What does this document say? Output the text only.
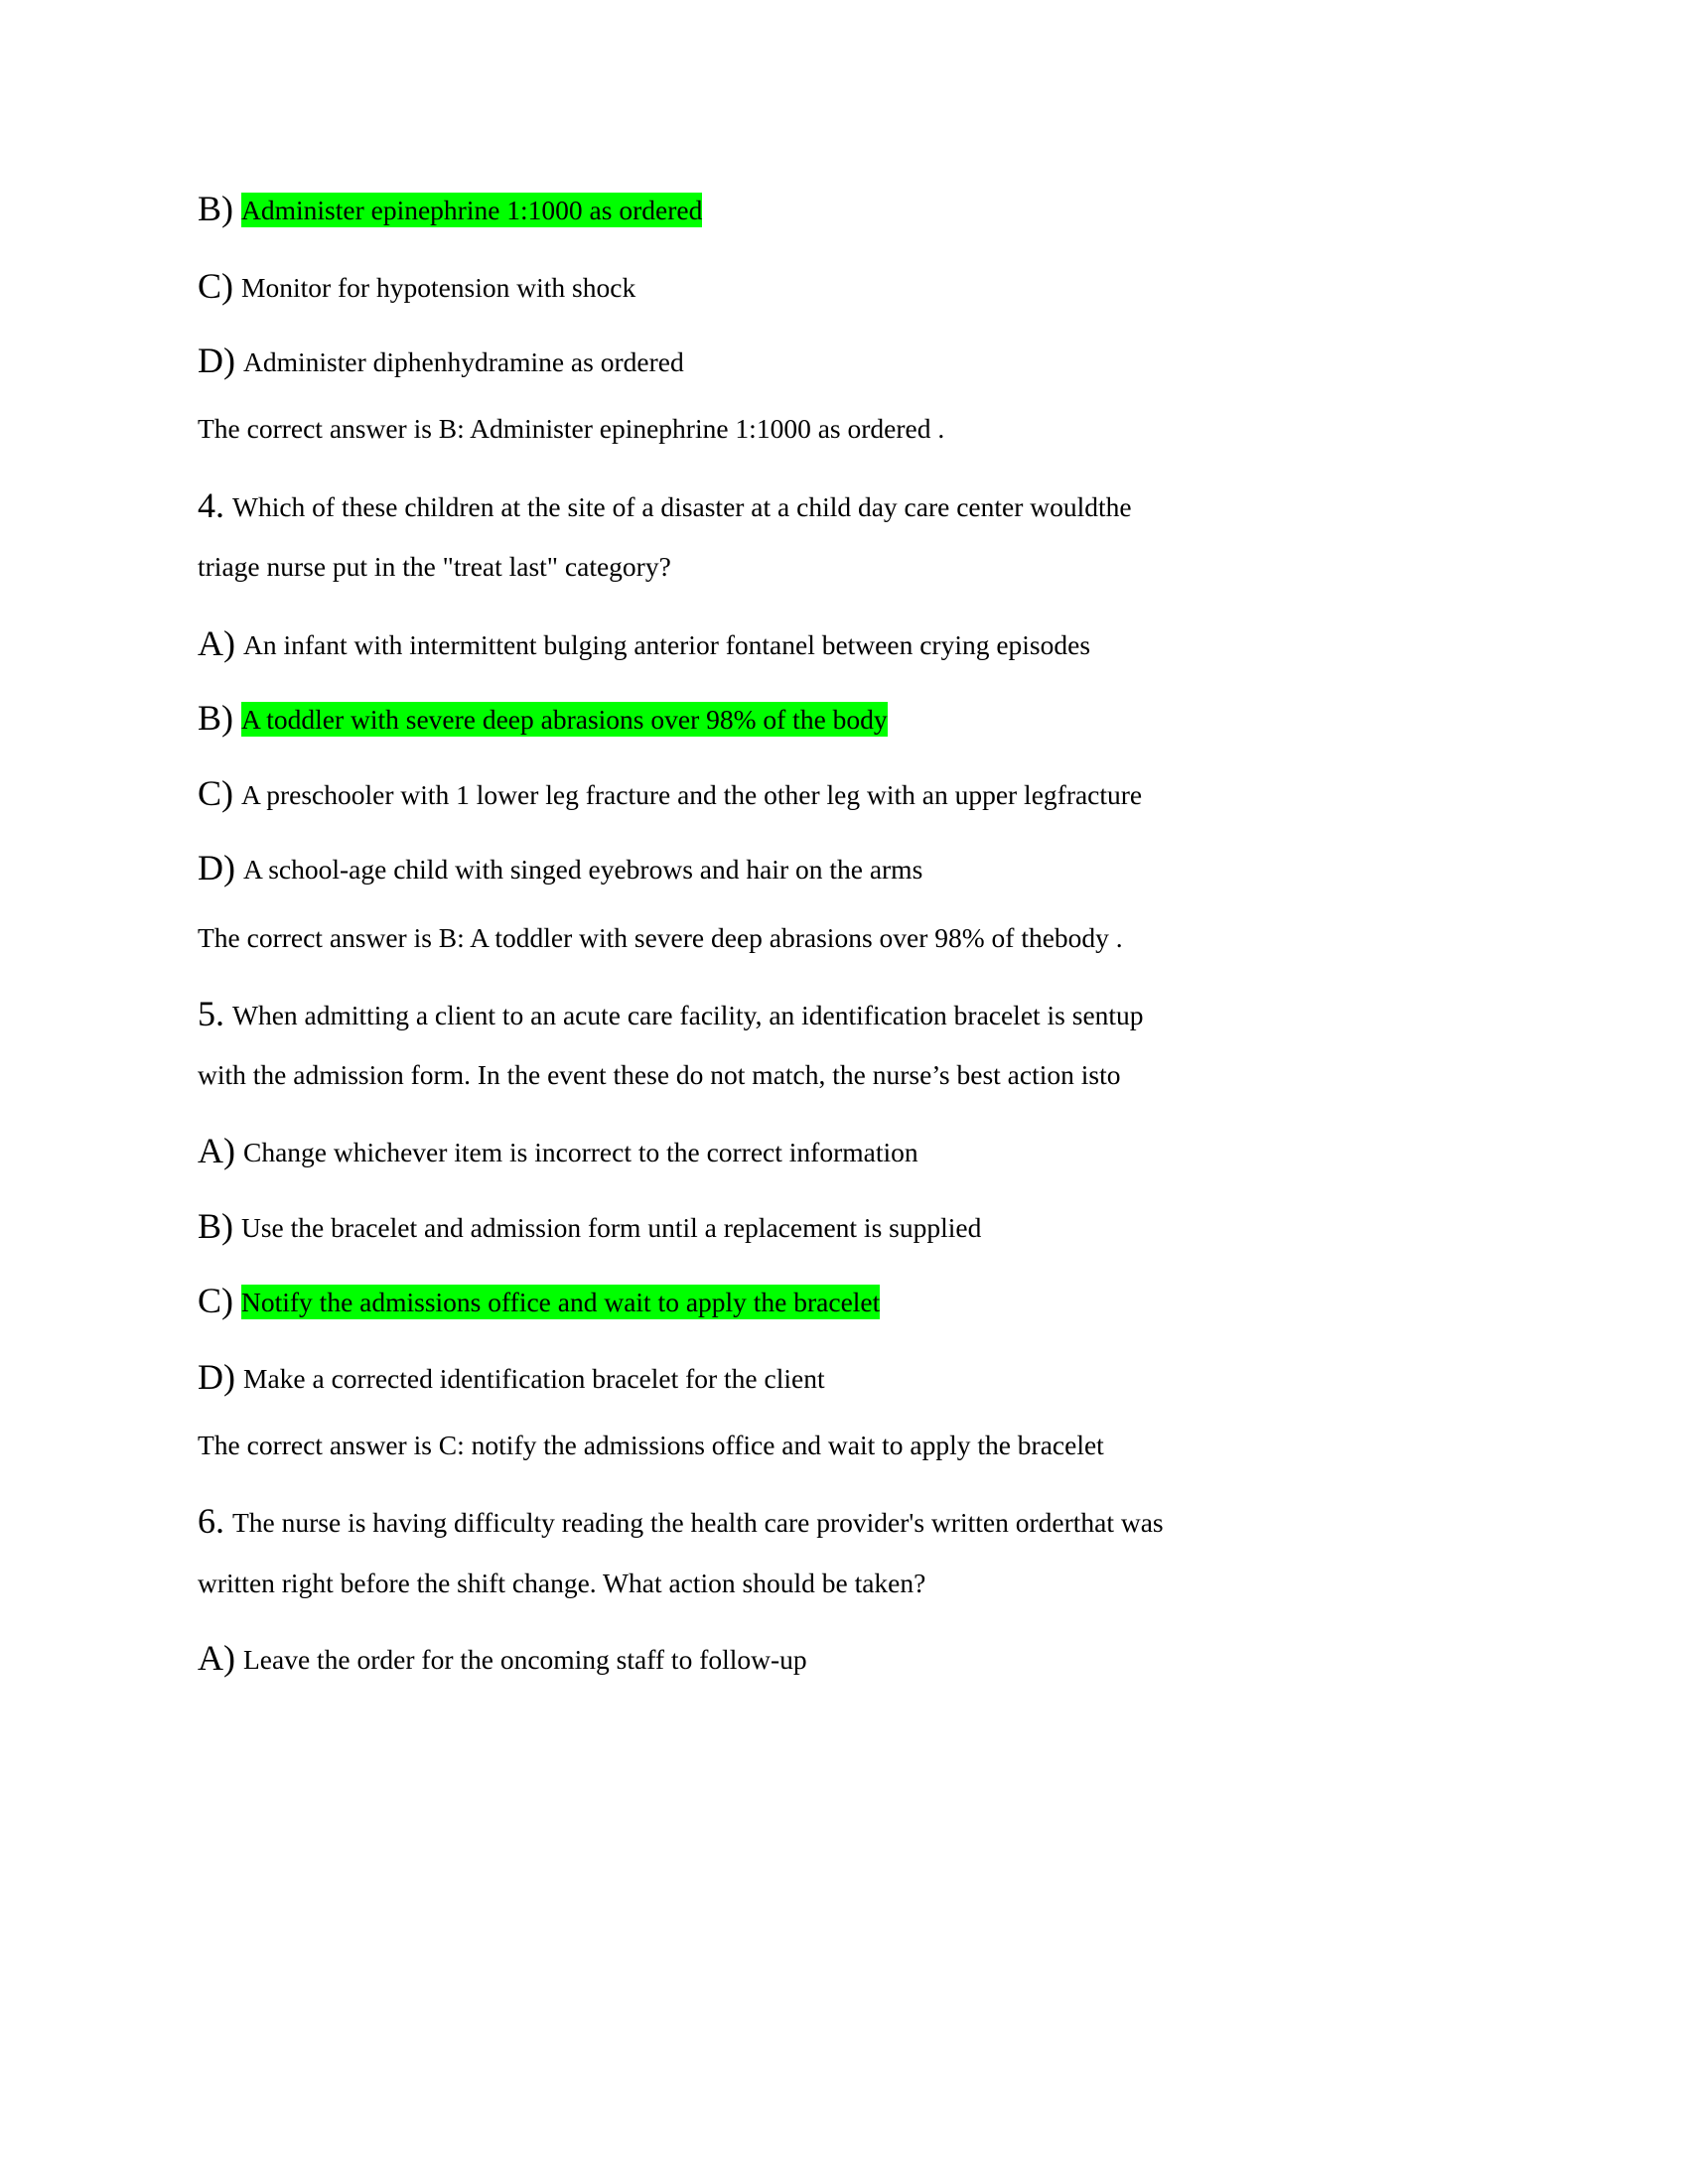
B) Administer epinephrine 1:1000 as ordered
C) Monitor for hypotension with shock
D) Administer diphenhydramine as ordered
The correct answer is B: Administer epinephrine 1:1000 as ordered .
4. Which of these children at the site of a disaster at a child day care center wouldthe
triage nurse put in the "treat last" category?
A) An infant with intermittent bulging anterior fontanel between crying episodes
B) A toddler with severe deep abrasions over 98% of the body
C) A preschooler with 1 lower leg fracture and the other leg with an upper legfracture
D) A school-age child with singed eyebrows and hair on the arms
The correct answer is B: A toddler with severe deep abrasions over 98% of thebody .
5. When admitting a client to an acute care facility, an identification bracelet is sentup
with the admission form. In the event these do not match, the nurse’s best action isto
A) Change whichever item is incorrect to the correct information
B) Use the bracelet and admission form until a replacement is supplied
C) Notify the admissions office and wait to apply the bracelet
D) Make a corrected identification bracelet for the client
The correct answer is C: notify the admissions office and wait to apply the bracelet
6. The nurse is having difficulty reading the health care provider's written orderthat was
written right before the shift change. What action should be taken?
A) Leave the order for the oncoming staff to follow-up
